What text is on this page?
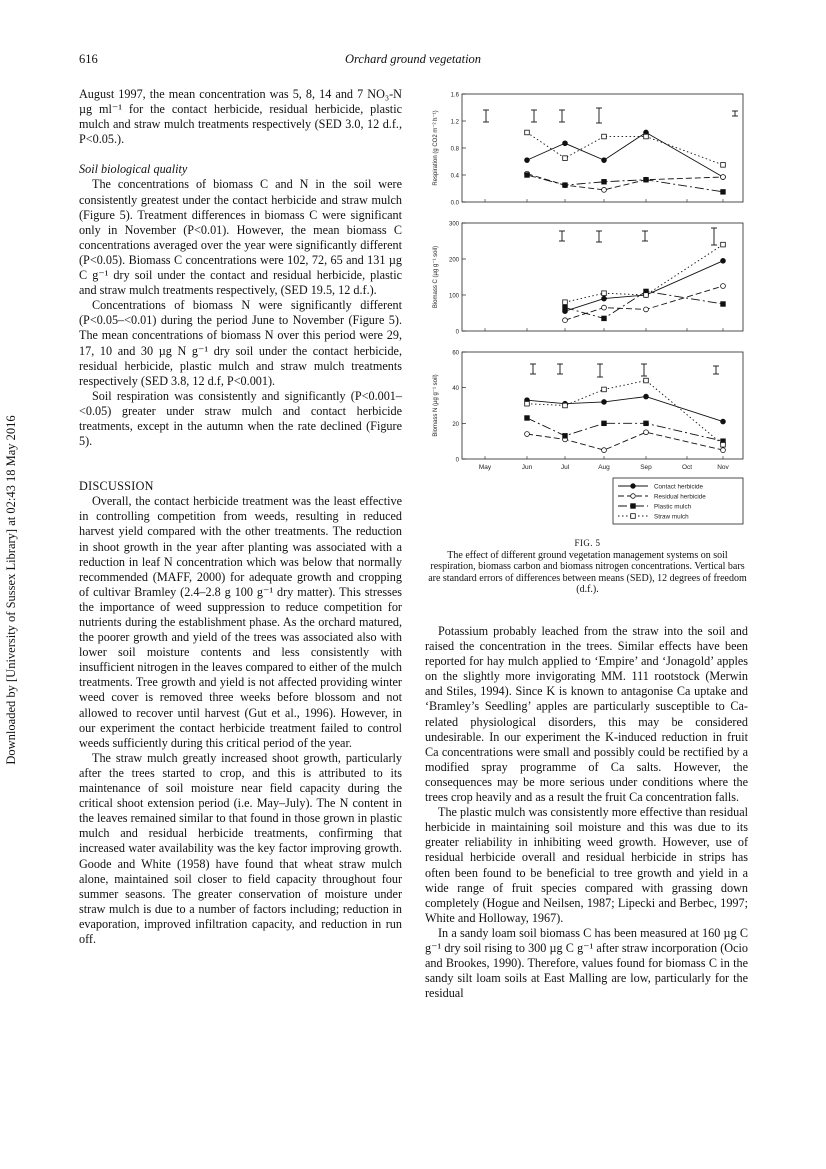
616	Orchard ground vegetation
Downloaded by [University of Sussex Library] at 02:43 18 May 2016

August 1997, the mean concentration was 5, 8, 14 and 7 NO₃-N µg ml⁻¹ for the contact herbicide, residual herbicide, plastic mulch and straw mulch treatments respectively (SED 3.0, 12 d.f., P<0.05.).

Soil biological quality

The concentrations of biomass C and N in the soil were consistently greatest under the contact herbicide and straw mulch (Figure 5). Treatment differences in biomass C were significant only in November (P<0.01). However, the mean biomass C concentrations averaged over the year were significantly different (P<0.05). Biomass C concentrations were 102, 72, 65 and 131 µg C g⁻¹ dry soil under the contact and residual herbicide, plastic and straw mulch treatments respectively, (SED 19.5, 12 d.f.).

Concentrations of biomass N were significantly different (P<0.05–<0.01) during the period June to November (Figure 5). The mean concentrations of biomass N over this period were 29, 17, 10 and 30 µg N g⁻¹ dry soil under the contact herbicide, residual herbicide, plastic mulch and straw mulch treatments respectively (SED 3.8, 12 d.f, P<0.001).

Soil respiration was consistently and significantly (P<0.001–<0.05) greater under straw mulch and contact herbicide treatments, except in the autumn when the rate declined (Figure 5).

DISCUSSION

Overall, the contact herbicide treatment was the least effective in controlling competition from weeds, resulting in reduced harvest yield compared with the other treatments. The reduction in shoot growth in the year after planting was associated with a reduction in leaf N concentration which was below that normally recommended (MAFF, 2000) for adequate growth and cropping of cultivar Bramley (2.4–2.8 g 100 g⁻¹ dry matter). This stresses the importance of weed suppression to reduce competition for nutrients during the establishment phase. As the orchard matured, the poorer growth and yield of the trees was associated also with lower soil moisture contents and less consistently with insufficient nitrogen in the leaves compared to either of the mulch treatments. Tree growth and yield is not affected providing winter weed cover is removed three weeks before blossom and not allowed to recover until harvest (Gut et al., 1996). However, in our experiment the contact herbicide treatment failed to control weeds sufficiently during this critical period of the year.

The straw mulch greatly increased shoot growth, particularly after the trees started to crop, and this is attributed to its maintenance of soil moisture near field capacity during the critical shoot extension period (i.e. May–July). The N content in the leaves remained similar to that found in those grown in plastic mulch and residual herbicide treatments, confirming that increased water availability was the key factor improving growth. Goode and White (1958) have found that wheat straw mulch alone, maintained soil closer to field capacity throughout four summer seasons. The greater conservation of moisture under straw mulch is due to a number of factors including; reduction in evaporation, improved infiltration capacity, and reduction in run off.

0.0
0.4
0.8
1.2
1.6
Respiration (g CO2 m⁻² h⁻¹)
0
100
200
300
Biomass C (µg g⁻¹ soil)
0
20
40
60
Biomass N (µg g⁻¹ soil)
May	Jun	Jul	Aug	Sep	Oct	Nov
Contact herbicide
Residual herbicide
Plastic mulch
Straw mulch
FIG. 5
The effect of different ground vegetation management systems on soil respiration, biomass carbon and biomass nitrogen concentrations. Vertical bars are standard errors of differences between means (SED), 12 degrees of freedom (d.f.).

Potassium probably leached from the straw into the soil and raised the concentration in the trees. Similar effects have been reported for hay mulch applied to ‘Empire’ and ‘Jonagold’ apples on the slightly more invigorating MM. 111 rootstock (Merwin and Stiles, 1994). Since K is known to antagonise Ca uptake and ‘Bramley’s Seedling’ apples are particularly susceptible to Ca-related physiological disorders, this may be considered undesirable. In our experiment the K-induced reduction in fruit Ca concentrations were small and possibly could be rectified by a modified spray programme of Ca salts. However, the consequences may be more serious under conditions where the trees crop heavily and as a result the fruit Ca concentration falls.

The plastic mulch was consistently more effective than residual herbicide in maintaining soil moisture and this was due to its greater reliability in inhibiting weed growth. However, use of residual herbicide overall and residual herbicide in strips has often been found to be beneficial to tree growth and yield in a wide range of fruit species compared with grassing down completely (Hogue and Neilsen, 1987; Lipecki and Berbec, 1997; White and Holloway, 1967).

In a sandy loam soil biomass C has been measured at 160 µg C g⁻¹ dry soil rising to 300 µg C g⁻¹ after straw incorporation (Ocio and Brookes, 1990). Therefore, values found for biomass C in the sandy silt loam soils at East Malling are low, particularly for the residual
